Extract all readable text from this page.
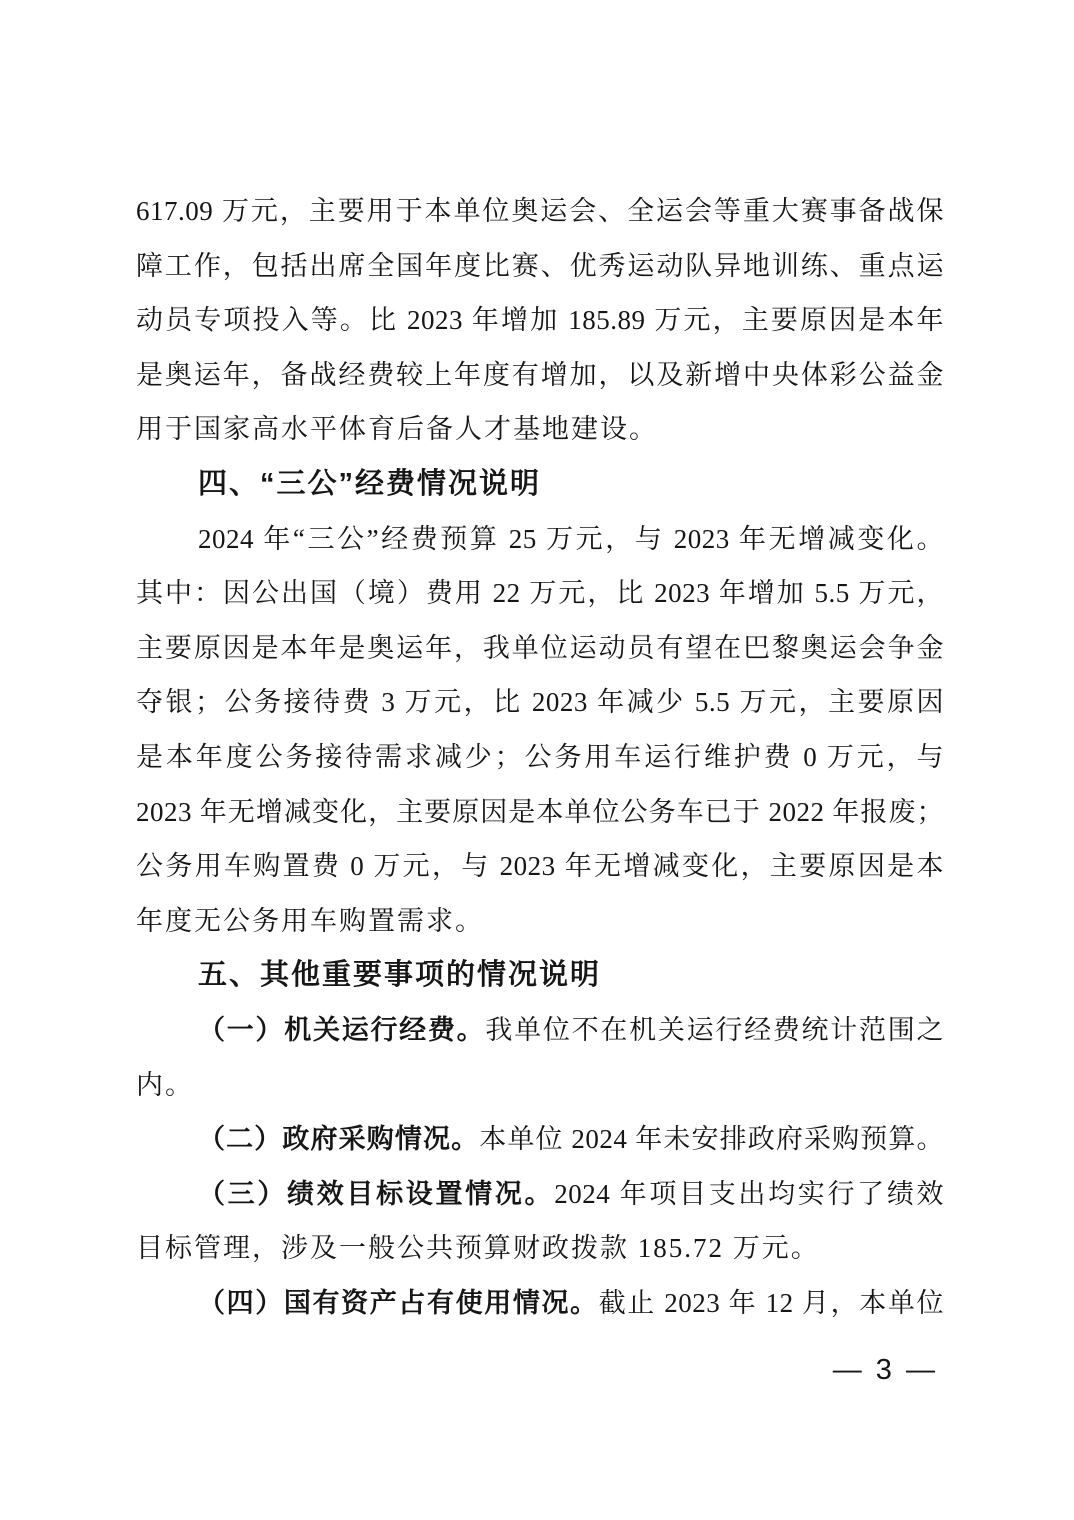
617.09 万元，主要用于本单位奥运会、全运会等重大赛事备战保
障工作，包括出席全国年度比赛、优秀运动队异地训练、重点运
动员专项投入等。比 2023 年增加 185.89 万元，主要原因是本年
是奥运年，备战经费较上年度有增加，以及新增中央体彩公益金
用于国家高水平体育后备人才基地建设。
四、“三公”经费情况说明
2024 年“三公”经费预算 25 万元，与 2023 年无增减变化。
其中：因公出国（境）费用 22 万元，比 2023 年增加 5.5 万元，
主要原因是本年是奥运年，我单位运动员有望在巴黎奥运会争金
夺银；公务接待费 3 万元，比 2023 年减少 5.5 万元，主要原因
是本年度公务接待需求减少；公务用车运行维护费 0 万元，与
2023 年无增减变化，主要原因是本单位公务车已于 2022 年报废；
公务用车购置费 0 万元，与 2023 年无增减变化，主要原因是本
年度无公务用车购置需求。
五、其他重要事项的情况说明
（一）机关运行经费。我单位不在机关运行经费统计范围之
内。
（二）政府采购情况。本单位 2024 年未安排政府采购预算。
（三）绩效目标设置情况。2024 年项目支出均实行了绩效
目标管理，涉及一般公共预算财政拨款 185.72 万元。
（四）国有资产占有使用情况。截止 2023 年 12 月，本单位
— 3 —
